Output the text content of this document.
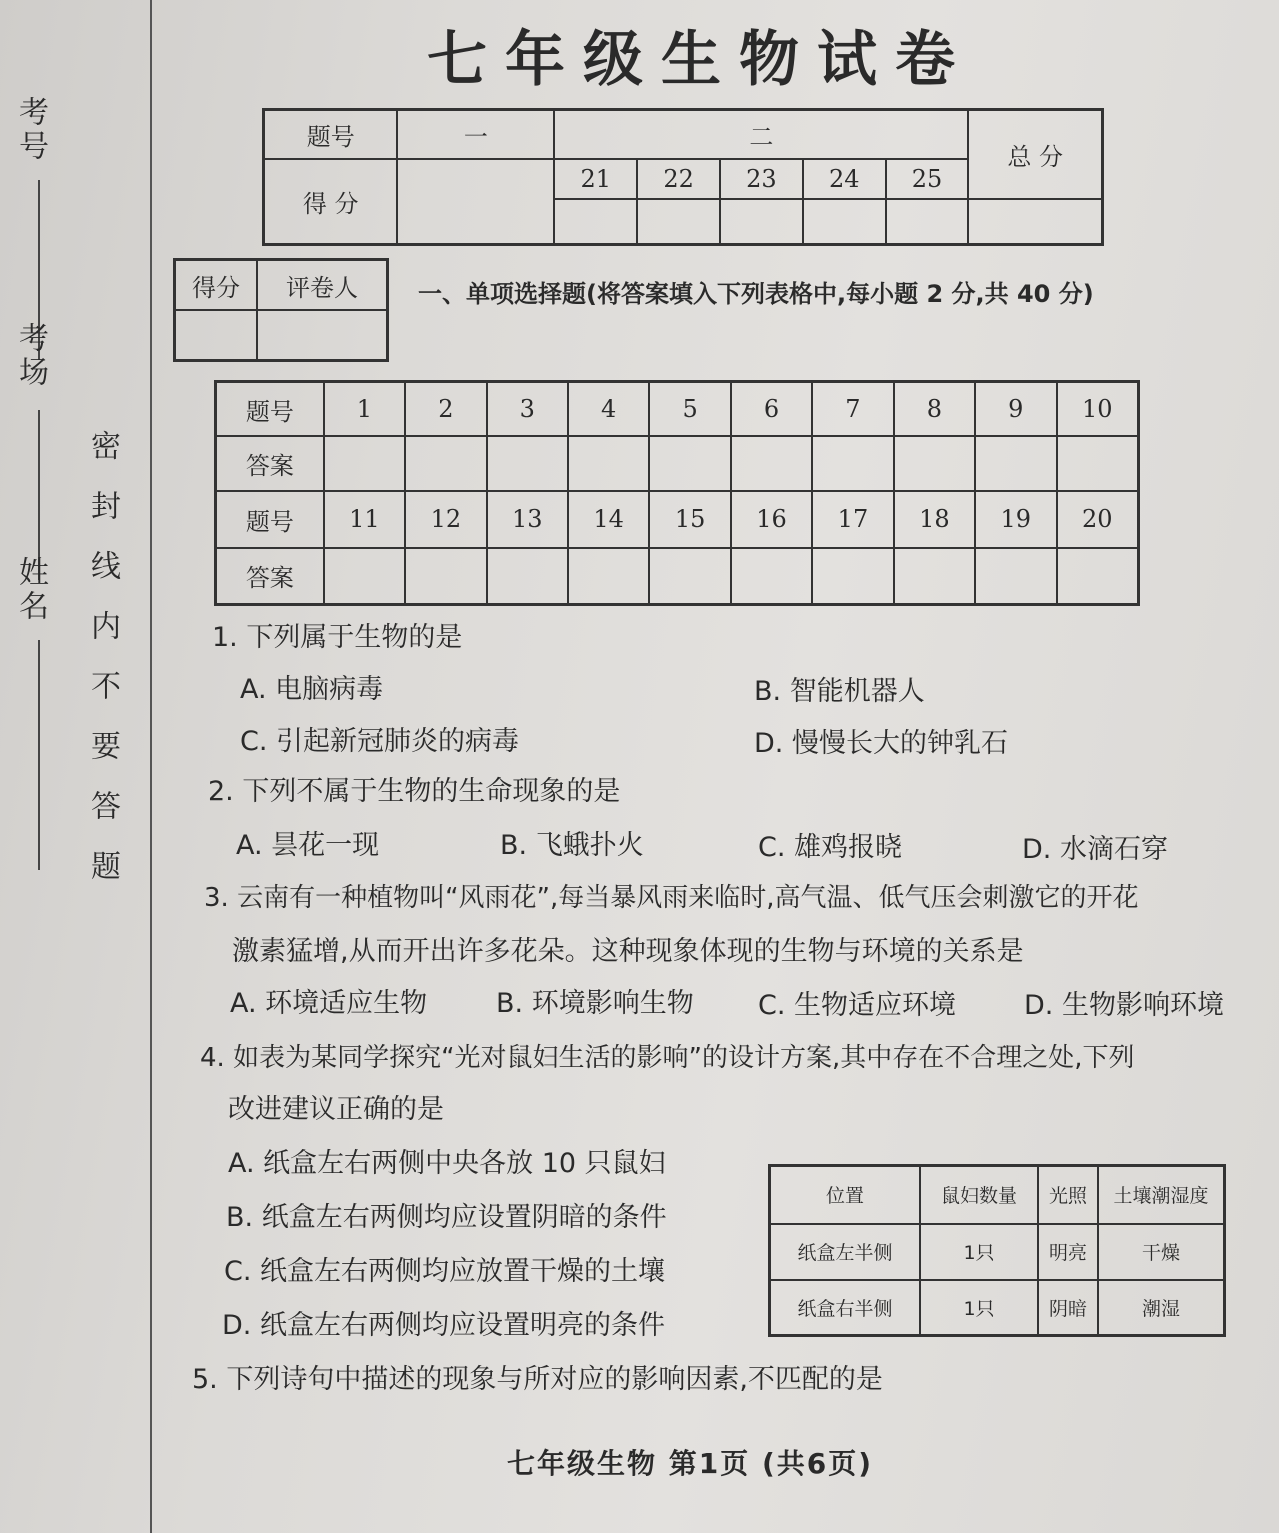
考号
考场
姓名 密封线内不要答题
七年级生物试卷
题号	一	二					总 分
得 分		21	22	23	24	25	

得分	评卷人
		一、单项选择题(将答案填入下列表格中,每小题 2 分,共 40 分)
题号	1	2	3	4	5	6	7	8	9	10
答案										
题号	11	12	13	14	15	16	17	18	19	20
答案										
1. 下列属于生物的是
A. 电脑病毒	B. 智能机器人
C. 引起新冠肺炎的病毒	D. 慢慢长大的钟乳石
2. 下列不属于生物的生命现象的是
A. 昙花一现	B. 飞蛾扑火	C. 雄鸡报晓	D. 水滴石穿
3. 云南有一种植物叫“风雨花”,每当暴风雨来临时,高气温、低气压会刺激它的开花
激素猛增,从而开出许多花朵。这种现象体现的生物与环境的关系是
A. 环境适应生物	B. 环境影响生物 C. 生物适应环境	D. 生物影响环境
4. 如表为某同学探究“光对鼠妇生活的影响”的设计方案,其中存在不合理之处,下列
改进建议正确的是
A. 纸盒左右两侧中央各放 10 只鼠妇
B. 纸盒左右两侧均应设置阴暗的条件
C. 纸盒左右两侧均应放置干燥的土壤
D. 纸盒左右两侧均应设置明亮的条件
位置	鼠妇数量	光照	土壤潮湿度
纸盒左半侧	1只	明亮	干燥
纸盒右半侧	1只	阴暗	潮湿
5. 下列诗句中描述的现象与所对应的影响因素,不匹配的是
七年级生物 第1页 (共6页)
